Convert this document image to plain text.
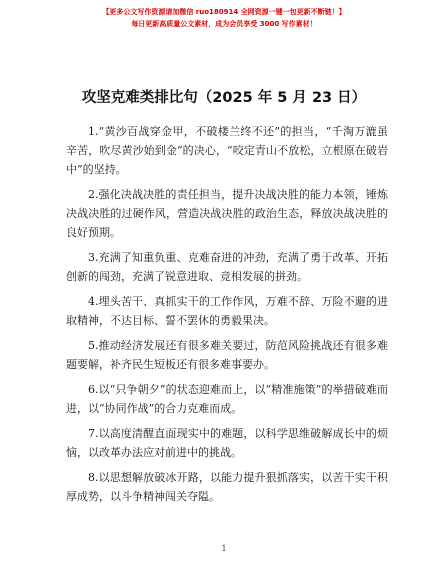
【更多公文写作资源请加微信 ruo180914 全网资源一键一包更新不断链！】
每日更新高质量公文素材，成为会员享受 3000 写作素材！
攻坚克难类排比句（2025 年 5 月 23 日）

1.“黄沙百战穿金甲，不破楼兰终不还”的担当，“千淘万漉虽辛苦，吹尽黄沙始到金”的决心，“咬定青山不放松，立根原在破岩中”的坚持。

2.强化决战决胜的责任担当，提升决战决胜的能力本领，锤炼决战决胜的过硬作风，营造决战决胜的政治生态，释放决战决胜的良好预期。

3.充满了知重负重、克难奋进的冲劲，充满了勇于改革、开拓创新的闯劲，充满了锐意进取、竞相发展的拼劲。

4.埋头苦干、真抓实干的工作作风，万难不辞、万险不避的进取精神，不达目标、誓不罢休的勇毅果决。

5.推动经济发展还有很多难关要过，防范风险挑战还有很多难题要解，补齐民生短板还有很多难事要办。

6.以“只争朝夕”的状态迎难而上，以“精准施策”的举措破难而进，以“协同作战”的合力克难而成。

7.以高度清醒直面现实中的难题，以科学思维破解成长中的烦恼，以改革办法应对前进中的挑战。

8.以思想解放破冰开路，以能力提升狠抓落实，以苦干实干积厚成势，以斗争精神闯关夺隘。

1
